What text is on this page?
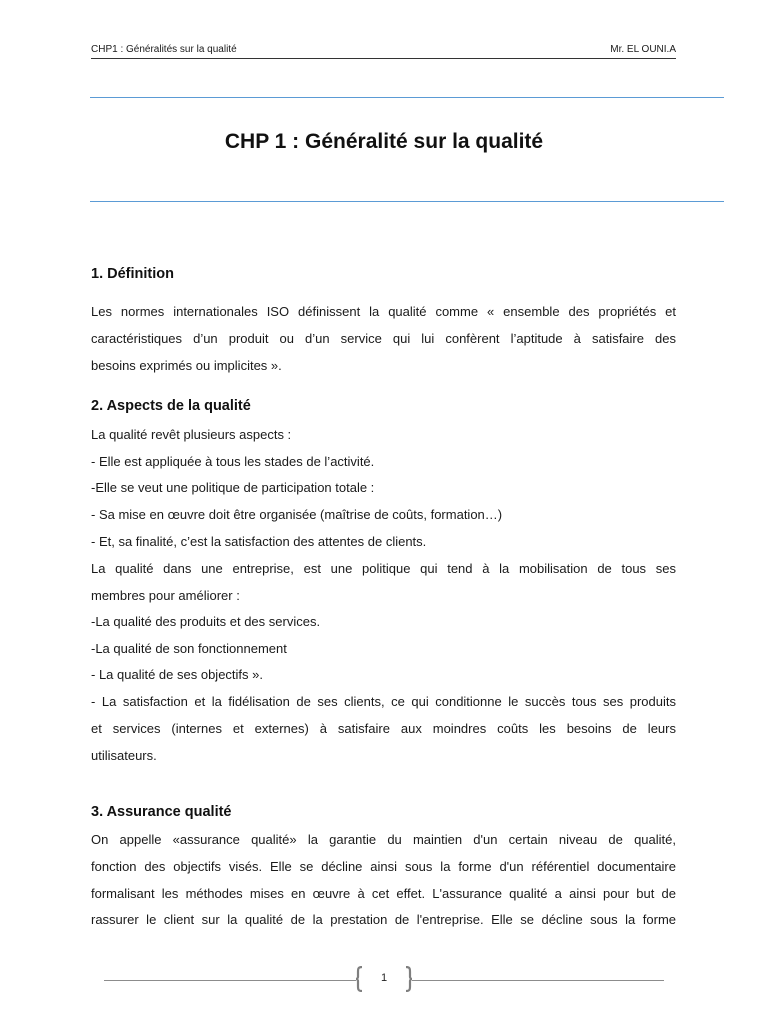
CHP1 : Généralités sur la qualité	Mr. EL OUNI.A
CHP 1 : Généralité sur la qualité
1. Définition
Les normes internationales ISO définissent la qualité comme « ensemble des propriétés et
caractéristiques d’un produit ou d’un service qui lui confèrent l’aptitude à satisfaire des
besoins exprimés ou implicites ».
2. Aspects de la qualité
La qualité revêt plusieurs aspects :
- Elle est appliquée à tous les stades de l’activité.
-Elle se veut une politique de participation totale :
- Sa mise en œuvre doit être organisée (maîtrise de coûts, formation…)
- Et, sa finalité, c’est la satisfaction des attentes de clients.
La qualité dans une entreprise, est une politique qui tend à la mobilisation de tous ses
membres pour améliorer :
-La qualité des produits et des services.
-La qualité de son fonctionnement
- La qualité de ses objectifs ».
- La satisfaction et la fidélisation de ses clients, ce qui conditionne le succès tous ses produits
et services (internes et externes) à satisfaire aux moindres coûts les besoins de leurs
utilisateurs.
3. Assurance qualité
On appelle «assurance qualité» la garantie du maintien d'un certain niveau de qualité,
fonction des objectifs visés. Elle se décline ainsi sous la forme d'un référentiel documentaire
formalisant les méthodes mises en œuvre à cet effet. L'assurance qualité a ainsi pour but de
rassurer le client sur la qualité de la prestation de l'entreprise. Elle se décline sous la forme
1
